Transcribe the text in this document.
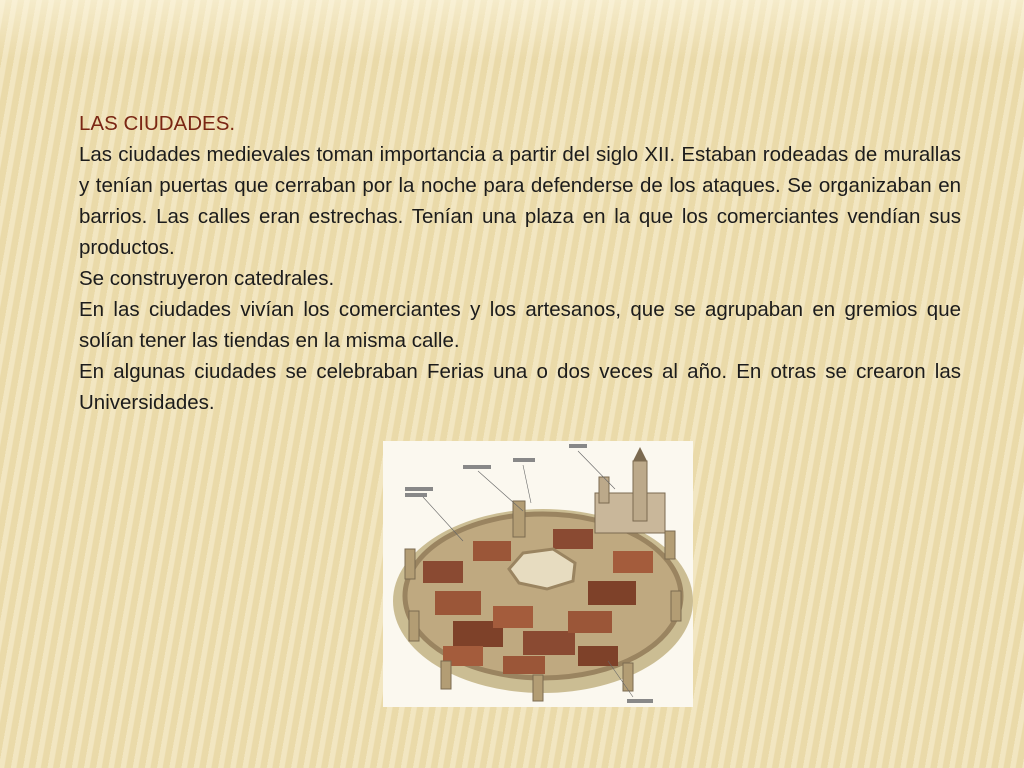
LAS CIUDADES.

Las ciudades medievales toman importancia a partir del siglo XII. Estaban rodeadas de murallas y tenían puertas que cerraban por la noche para defenderse de los ataques. Se organizaban en barrios. Las calles eran estrechas. Tenían una plaza en la que los comerciantes vendían sus productos.

Se construyeron catedrales.

En las ciudades vivían los comerciantes y los artesanos, que se agrupaban en gremios que solían tener las tiendas en la misma calle.

En algunas ciudades se celebraban Ferias una o dos veces al año. En otras se crearon las Universidades.
